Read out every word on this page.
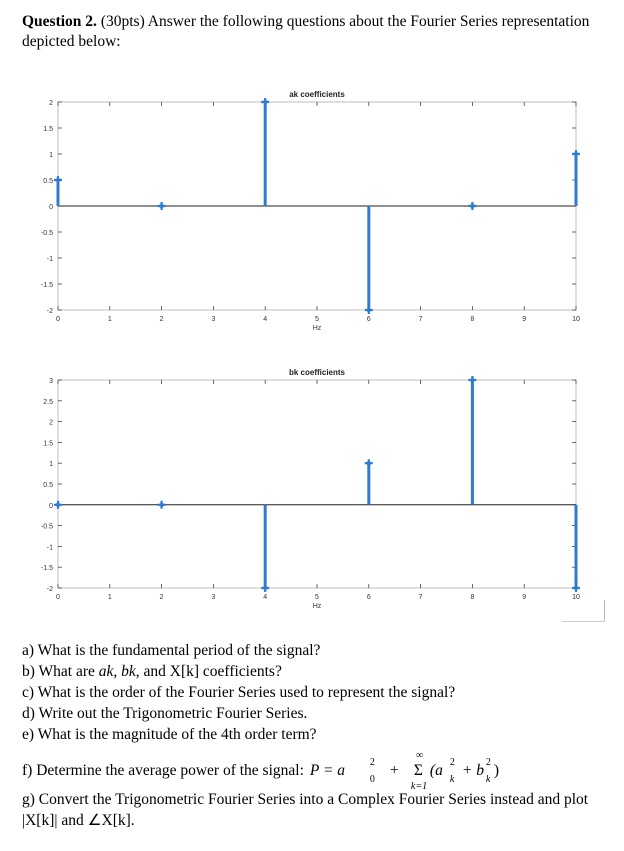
Question 2. (30pts) Answer the following questions about the Fourier Series representation depicted below:
-2
-1.5
-1
-0.5
0
0.5
1
1.5
2
0	1	2	3	4	5	6	7	8	9	10
ak coefficients
Hz
-2
-1.5
-1
-0.5
0
0.5
1
1.5
2
2.5
3
0	1	2	3	4	5	6	7	8	9	10
bk coefficients
Hz

a) What is the fundamental period of the signal?

b) What are ak, bk, and X[k] coefficients?

c) What is the order of the Fourier Series used to represent the signal?

d) Write out the Trigonometric Fourier Series.

e) What is the magnitude of the 4th order term?

f) Determine the average power of the signal: P = a 2
0
+
∞
Σ
k=1
(a 2
k
+ b 2
k
)

g) Convert the Trigonometric Fourier Series into a Complex Fourier Series instead and plot |X[k]| and ∠X[k].
